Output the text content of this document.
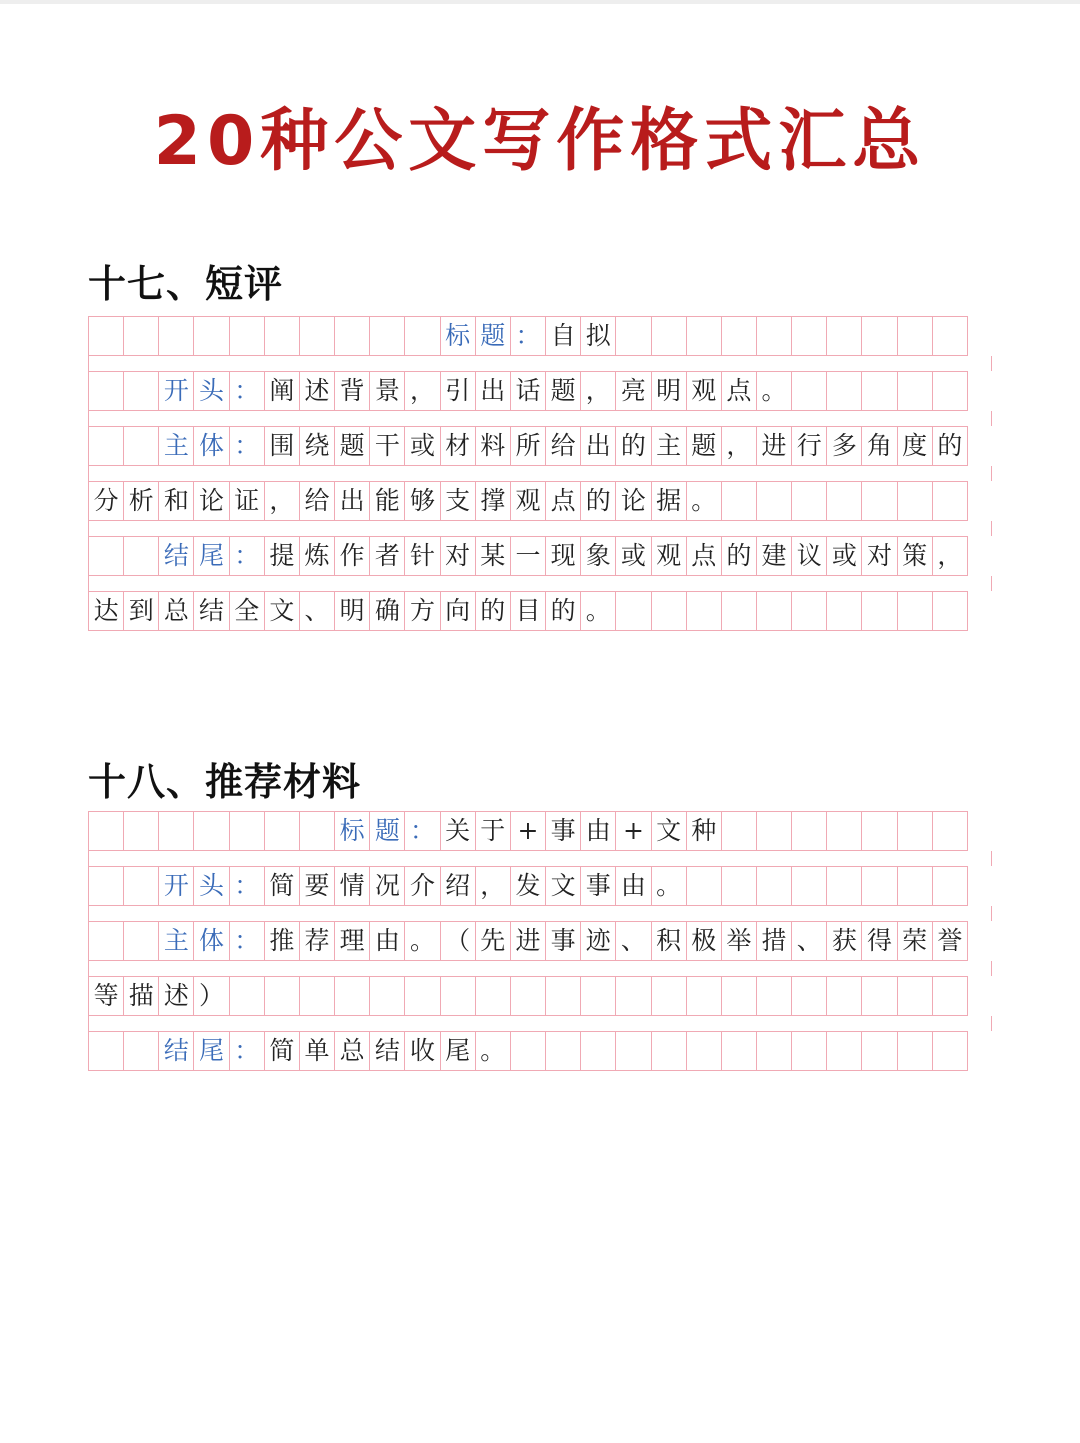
20种公文写作格式汇总
十七、短评
标 题 ： 自 拟
开 头 ： 阐 述 背 景 ， 引 出 话 题 ， 亮 明 观 点 。
主 体 ： 围 绕 题 干 或 材 料 所 给 出 的 主 题 ， 进 行 多 角 度 的
分 析 和 论 证 ， 给 出 能 够 支 撑 观 点 的 论 据 。
结 尾 ： 提 炼 作 者 针 对 某 一 现 象 或 观 点 的 建 议 或 对 策 ，
达 到 总 结 全 文 、 明 确 方 向 的 目 的 。
十八、推荐材料
标 题 ： 关 于 + 事 由 + 文 种
开 头 ： 简 要 情 况 介 绍 ， 发 文 事 由 。
主 体 ： 推 荐 理 由 。 （ 先 进 事 迹 、 积 极 举 措 、 获 得 荣 誉
等 描 述 ）
结 尾 ： 简 单 总 结 收 尾 。
